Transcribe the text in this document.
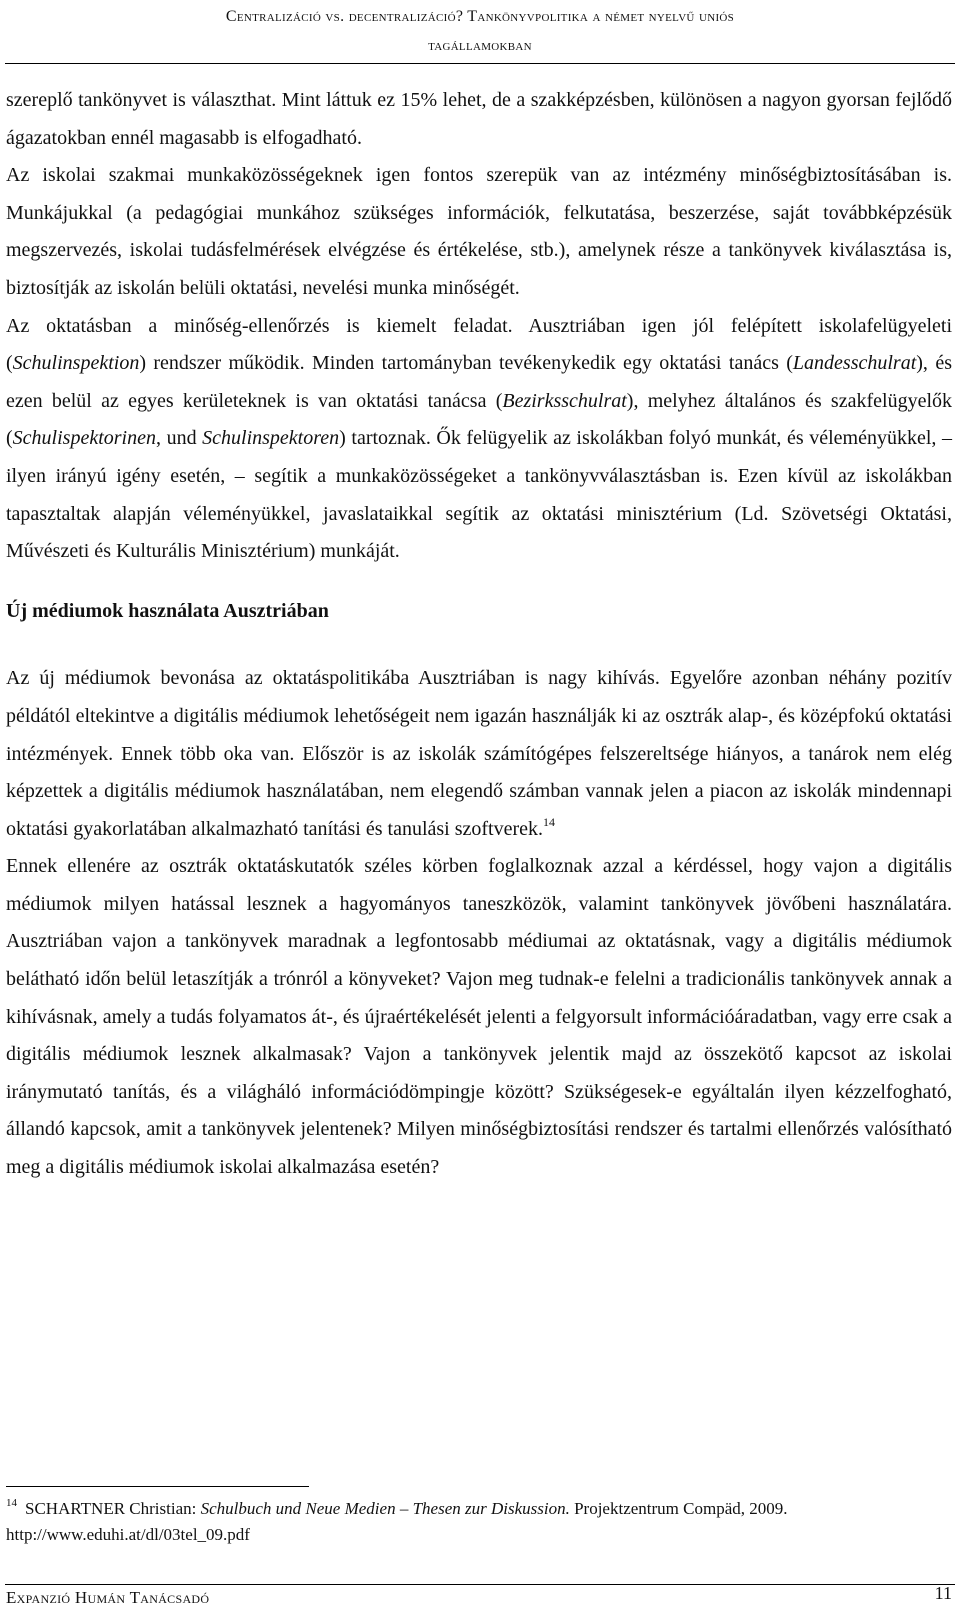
Centralizáció vs. decentralizáció? Tankönyvpolitika a német nyelvű uniós
tagállamokban

szereplő tankönyvet is választhat. Mint láttuk ez 15% lehet, de a szakképzésben, különösen a nagyon gyorsan fejlődő ágazatokban ennél magasabb is elfogadható.

Az iskolai szakmai munkaközösségeknek igen fontos szerepük van az intézmény minőségbiztosításában is. Munkájukkal (a pedagógiai munkához szükséges információk, felkutatása, beszerzése, saját továbbképzésük megszervezés, iskolai tudásfelmérések elvégzése és értékelése, stb.), amelynek része a tankönyvek kiválasztása is, biztosítják az iskolán belüli oktatási, nevelési munka minőségét.

Az oktatásban a minőség-ellenőrzés is kiemelt feladat. Ausztriában igen jól felépített iskolafelügyeleti (Schulinspektion) rendszer működik. Minden tartományban tevékenykedik egy oktatási tanács (Landesschulrat), és ezen belül az egyes kerületeknek is van oktatási tanácsa (Bezirksschulrat), melyhez általános és szakfelügyelők (Schulispektorinen, und Schulinspektoren) tartoznak. Ők felügyelik az iskolákban folyó munkát, és véleményükkel, – ilyen irányú igény esetén, – segítik a munkaközösségeket a tankönyvválasztásban is. Ezen kívül az iskolákban tapasztaltak alapján véleményükkel, javaslataikkal segítik az oktatási minisztérium (Ld. Szövetségi Oktatási, Művészeti és Kulturális Minisztérium) munkáját.

Új médiumok használata Ausztriában

Az új médiumok bevonása az oktatáspolitikába Ausztriában is nagy kihívás. Egyelőre azonban néhány pozitív példától eltekintve a digitális médiumok lehetőségeit nem igazán használják ki az osztrák alap-, és középfokú oktatási intézmények. Ennek több oka van. Először is az iskolák számítógépes felszereltsége hiányos, a tanárok nem elég képzettek a digitális médiumok használatában, nem elegendő számban vannak jelen a piacon az iskolák mindennapi oktatási gyakorlatában alkalmazható tanítási és tanulási szoftverek.$^{14}$

Ennek ellenére az osztrák oktatáskutatók széles körben foglalkoznak azzal a kérdéssel, hogy vajon a digitális médiumok milyen hatással lesznek a hagyományos taneszközök, valamint tankönyvek jövőbeni használatára. Ausztriában vajon a tankönyvek maradnak a legfontosabb médiumai az oktatásnak, vagy a digitális médiumok belátható időn belül letaszítják a trónról a könyveket? Vajon meg tudnak-e felelni a tradicionális tankönyvek annak a kihívásnak, amely a tudás folyamatos át-, és újraértékelését jelenti a felgyorsult információáradatban, vagy erre csak a digitális médiumok lesznek alkalmasak? Vajon a tankönyvek jelentik majd az összekötő kapcsot az iskolai iránymutató tanítás, és a világháló információdömpingje között? Szükségesek-e egyáltalán ilyen kézzelfogható, állandó kapcsok, amit a tankönyvek jelentenek? Milyen minőségbiztosítási rendszer és tartalmi ellenőrzés valósítható meg a digitális médiumok iskolai alkalmazása esetén?

$^{14}$ SCHARTNER Christian: Schulbuch und Neue Medien – Thesen zur Diskussion. Projektzentrum Compäd, 2009. http://www.eduhi.at/dl/03tel_09.pdf
Expanzió Humán Tanácsadó	11
